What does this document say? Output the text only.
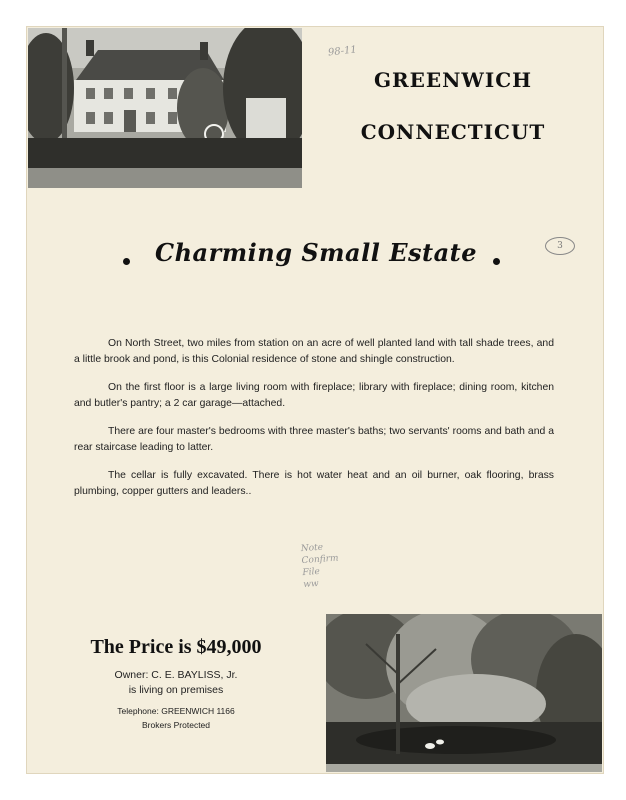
98-11
GREENWICH
CONNECTICUT
3
Charming Small Estate

On North Street, two miles from station on an acre of well planted land with tall shade trees, and a little brook and pond, is this Colonial residence of stone and shingle construction.

On the first floor is a large living room with fireplace; library with fireplace; dining room, kitchen and butler's pantry; a 2 car garage—attached.

There are four master's bedrooms with three master's baths; two servants' rooms and bath and a rear staircase leading to latter.

The cellar is fully excavated. There is hot water heat and an oil burner, oak flooring, brass plumbing, copper gutters and leaders..

Note
Confirm
File
ww
The Price is $49,000
Owner: C. E. BAYLISS, Jr.
is living on premises
Telephone: GREENWICH 1166
Brokers Protected
